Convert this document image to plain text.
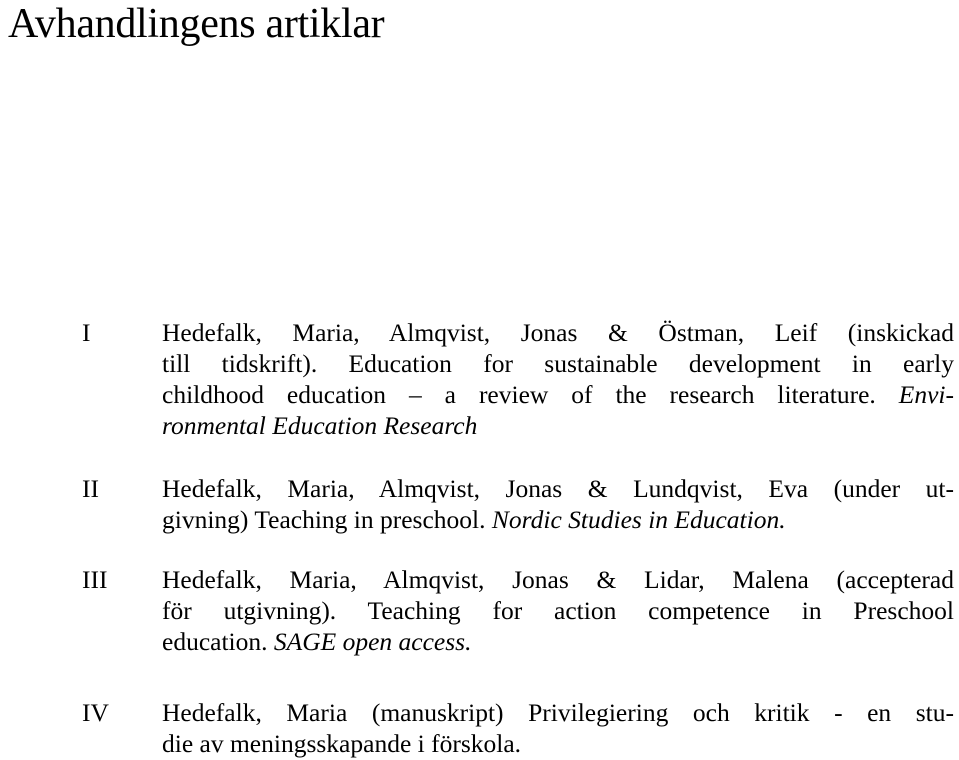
Avhandlingens artiklar
I	Hedefalk, Maria, Almqvist, Jonas & Östman, Leif (inskickad
till tidskrift). Education for sustainable development in early
childhood education – a review of the research literature. Envi-
ronmental Education Research
II Hedefalk, Maria, Almqvist, Jonas & Lundqvist, Eva (under ut-
givning) Teaching in preschool. Nordic Studies in Education.
III Hedefalk, Maria, Almqvist, Jonas & Lidar, Malena (accepterad
för utgivning). Teaching for action competence in Preschool
education. SAGE open access.
IV Hedefalk, Maria (manuskript) Privilegiering och kritik - en stu-
die av meningsskapande i förskola.
